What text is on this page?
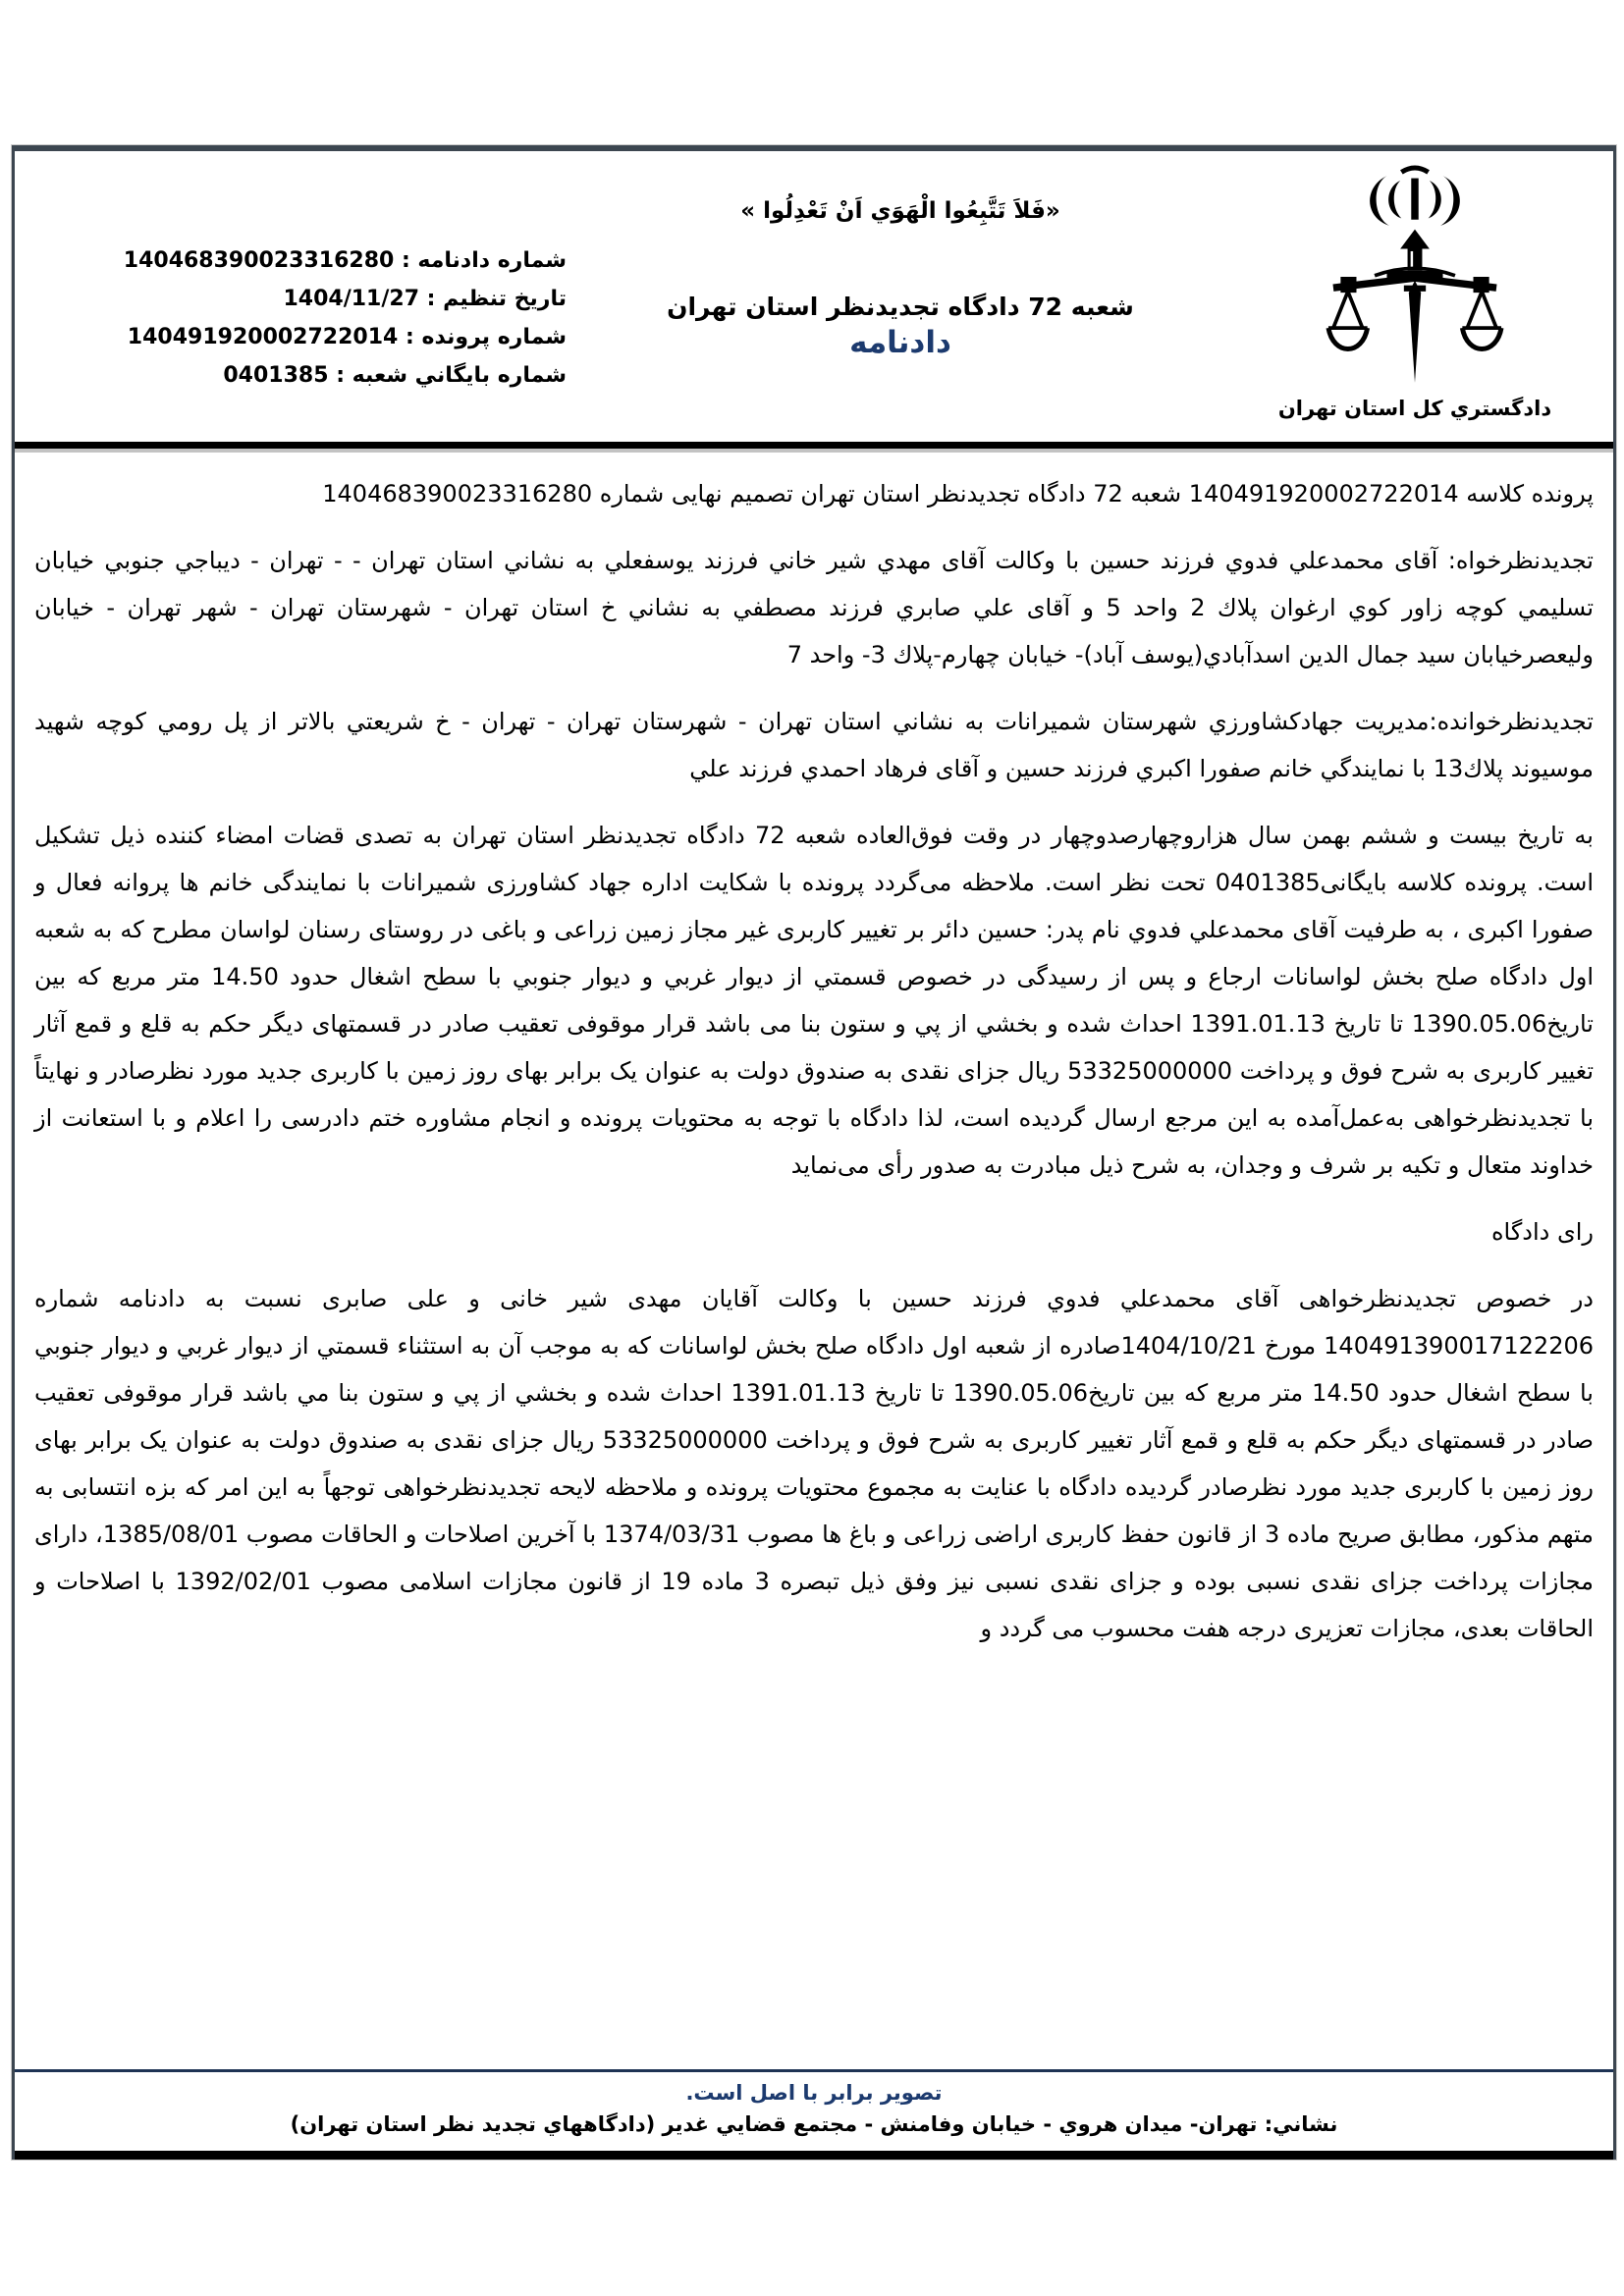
شماره دادنامه : 140468390023316280
تاریخ تنظیم : 1404/11/27
شماره پرونده : 140491920002722014
شماره بایگاني شعبه : 0401385
«فَلاَ تَتَّبِعُوا الْهَوَي اَنْ تَعْدِلُوا »
شعبه 72 دادگاه تجدیدنظر استان تهران
دادنامه
دادگستري کل استان تهران

پرونده کلاسه 140491920002722014 شعبه 72 دادگاه تجدیدنظر استان تهران تصمیم نهایی شماره 140468390023316280

تجدیدنظرخواه: آقای محمدعلي فدوي فرزند حسین با وکالت آقای مهدي شیر خاني فرزند یوسفعلي به نشاني استان تهران - - تهران - دیباجي جنوبي خیابان تسلیمي کوچه زاور کوي ارغوان پلاك 2 واحد 5 و آقای علي صابري فرزند مصطفي به نشاني خ استان تهران - شهرستان تهران - شهر تهران - خیابان ولیعصرخیابان سید جمال الدین اسدآبادي(یوسف آباد)- خیابان چهارم-پلاك 3- واحد 7

تجدیدنظرخوانده:مدیریت جهادکشاورزي شهرستان شمیرانات به نشاني استان تهران - شهرستان تهران - تهران - خ شریعتي بالاتر از پل رومي کوچه شهید موسیوند پلاك13 با نمایندگي خانم صفورا اکبري فرزند حسین و آقای فرهاد احمدي فرزند علي

به تاریخ بیست و ششم بهمن سال هزاروچهارصدوچهار در وقت فوق‌العاده شعبه 72 دادگاه تجدیدنظر استان تهران به تصدی قضات امضاء کننده ذیل تشکیل است. پرونده کلاسه بایگانی0401385 تحت نظر است. ملاحظه می‌گردد پرونده با شکایت اداره جهاد کشاورزی شمیرانات با نمایندگی خانم ها پروانه فعال و صفورا اکبری ، به طرفیت آقای محمدعلي فدوي نام پدر: حسین دائر بر تغییر کاربری غیر مجاز زمین زراعی و باغی در روستای رسنان لواسان مطرح که به شعبه اول دادگاه صلح بخش لواسانات ارجاع و پس از رسیدگی در خصوص قسمتي از دیوار غربي و دیوار جنوبي با سطح اشغال حدود 14.50 متر مربع که بین تاریخ1390.05.06 تا تاریخ 1391.01.13 احداث شده و بخشي از پي و ستون بنا می باشد قرار موقوفی تعقیب صادر در قسمتهای دیگر حکم به قلع و قمع آثار تغییر کاربری به شرح فوق و پرداخت 53325000000 ریال جزای نقدی به صندوق دولت به عنوان یک برابر بهای روز زمین با کاربری جدید مورد نظرصادر و نهایتاً با تجدیدنظرخواهی به‌عمل‌آمده به این مرجع ارسال گردیده است، لذا دادگاه با توجه به محتویات پرونده و انجام مشاوره ختم دادرسی را اعلام و با استعانت از خداوند متعال و تکیه بر شرف و وجدان، به شرح ذیل مبادرت به صدور رأی می‌نماید

رای دادگاه

در خصوص تجدیدنظرخواهی آقای محمدعلي فدوي فرزند حسین با وکالت آقایان مهدی شیر خانی و علی صابری نسبت به دادنامه شماره 140491390017122206 مورخ 1404/10/21صادره از شعبه اول دادگاه صلح بخش لواسانات که به موجب آن به استثناء قسمتي از دیوار غربي و دیوار جنوبي با سطح اشغال حدود 14.50 متر مربع که بین تاریخ1390.05.06 تا تاریخ 1391.01.13 احداث شده و بخشي از پي و ستون بنا مي باشد قرار موقوفی تعقیب صادر در قسمتهای دیگر حکم به قلع و قمع آثار تغییر کاربری به شرح فوق و پرداخت 53325000000 ریال جزای نقدی به صندوق دولت به عنوان یک برابر بهای روز زمین با کاربری جدید مورد نظرصادر گردیده دادگاه با عنایت به مجموع محتویات پرونده و ملاحظه لایحه تجدیدنظرخواهی توجهاً به این امر که بزه انتسابی به متهم مذکور، مطابق صریح ماده 3 از قانون حفظ کاربری اراضی زراعی و باغ ها مصوب 1374/03/31 با آخرین اصلاحات و الحاقات مصوب 1385/08/01، دارای مجازات پرداخت جزای نقدی نسبی بوده و جزای نقدی نسبی نیز وفق ذیل تبصره 3 ماده 19 از قانون مجازات اسلامی مصوب 1392/02/01 با اصلاحات و الحاقات بعدی، مجازات تعزیری درجه هفت محسوب می گردد و

تصویر برابر با اصل است.
نشاني: تهران- میدان هروي - خیابان وفامنش - مجتمع قضایي غدیر (دادگاههاي تجدید نظر استان تهران)
